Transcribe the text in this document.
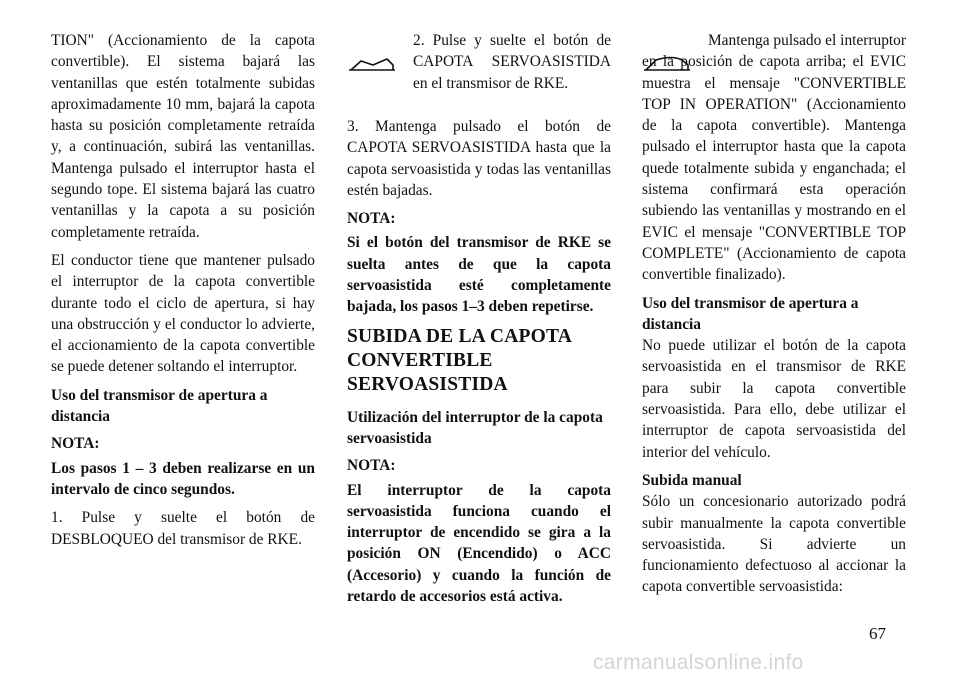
TION" (Accionamiento de la capota convertible). El sistema bajará las ventanillas que estén totalmente subidas aproximadamente 10 mm, bajará la capota hasta su posición completamente retraída y, a continuación, subirá las ventanillas. Mantenga pulsado el interruptor hasta el segundo tope. El sistema bajará las cuatro ventanillas y la capota a su posición completamente retraída.

El conductor tiene que mantener pulsado el interruptor de la capota convertible durante todo el ciclo de apertura, si hay una obstrucción y el conductor lo advierte, el accionamiento de la capota convertible se puede detener soltando el interruptor.

Uso del transmisor de apertura a distancia

NOTA:

Los pasos 1 – 3 deben realizarse en un intervalo de cinco segundos.

1. Pulse y suelte el botón de DESBLOQUEO del transmisor de RKE.

2. Pulse y suelte el botón de CAPOTA SERVOASISTIDA en el transmisor de RKE.

3. Mantenga pulsado el botón de CAPOTA SERVOASISTIDA hasta que la capota servoasistida y todas las ventanillas estén bajadas.

NOTA:

Si el botón del transmisor de RKE se suelta antes de que la capota servoasistida esté completamente bajada, los pasos 1–3 deben repetirse.

SUBIDA DE LA CAPOTA CONVERTIBLE SERVOASISTIDA
Utilización del interruptor de la capota servoasistida

NOTA:

El interruptor de la capota servoasistida funciona cuando el interruptor de encendido se gira a la posición ON (Encendido) o ACC (Accesorio) y cuando la función de retardo de accesorios está activa.

Mantenga pulsado el interruptor en la posición de capota arriba; el EVIC muestra el mensaje "CONVERTIBLE TOP IN OPERATION" (Accionamiento de la capota convertible). Mantenga pulsado el interruptor hasta que la capota quede totalmente subida y enganchada; el sistema confirmará esta operación subiendo las ventanillas y mostrando en el EVIC el mensaje "CONVERTIBLE TOP COMPLETE" (Accionamiento de capota convertible finalizado).

Uso del transmisor de apertura a distancia

No puede utilizar el botón de la capota servoasistida en el transmisor de RKE para subir la capota convertible servoasistida. Para ello, debe utilizar el interruptor de capota servoasistida del interior del vehículo.

Subida manual

Sólo un concesionario autorizado podrá subir manualmente la capota convertible servoasistida. Si advierte un funcionamiento defectuoso al accionar la capota convertible servoasistida:

67
carmanualsonline.info
